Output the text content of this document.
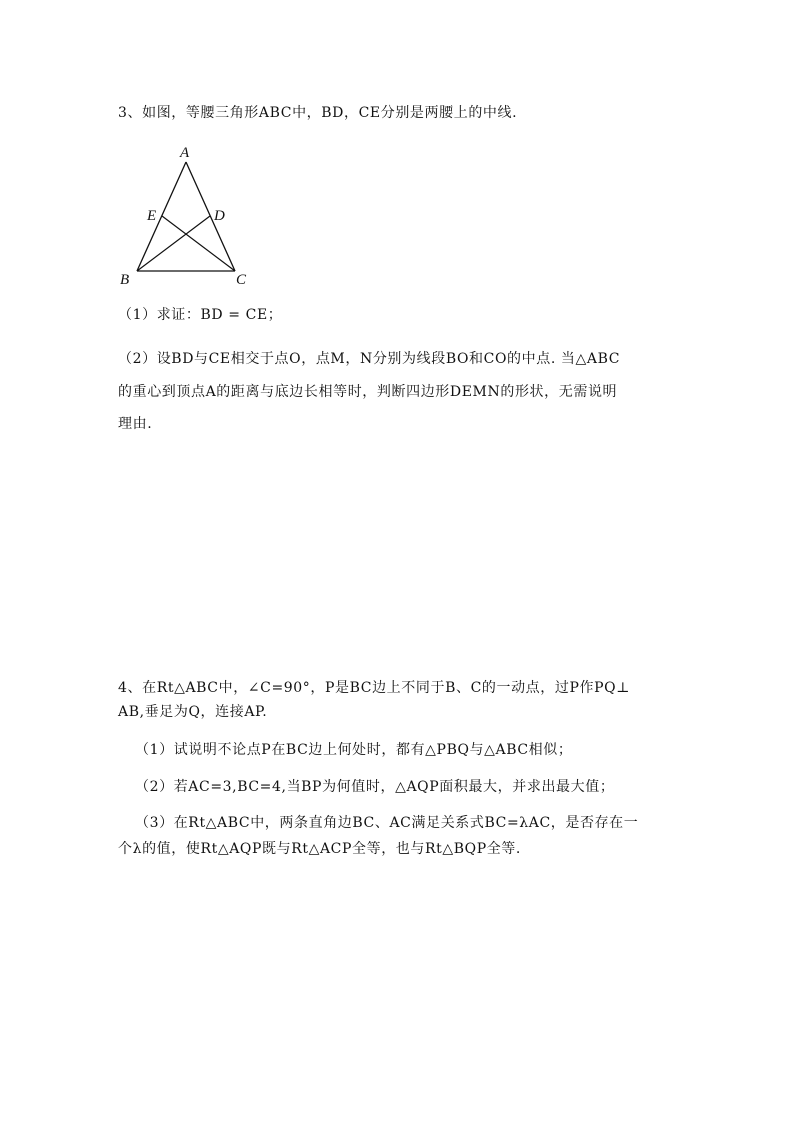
3、如图，等腰三角形ABC中，BD，CE分别是两腰上的中线.
A
E	D
B	C
（1）求证：BD = CE；
（2）设BD与CE相交于点O，点M，N分别为线段BO和CO的中点. 当△ABC
的重心到顶点A的距离与底边长相等时，判断四边形DEMN的形状，无需说明
理由.
4、在Rt△ABC中，∠C=90°，P是BC边上不同于B、C的一动点，过P作PQ⊥
AB,垂足为Q，连接AP.
（1）试说明不论点P在BC边上何处时，都有△PBQ与△ABC相似；
（2）若AC=3,BC=4,当BP为何值时，△AQP面积最大，并求出最大值；
（3）在Rt△ABC中，两条直角边BC、AC满足关系式BC=λAC，是否存在一
个λ的值，使Rt△AQP既与Rt△ACP全等，也与Rt△BQP全等.
